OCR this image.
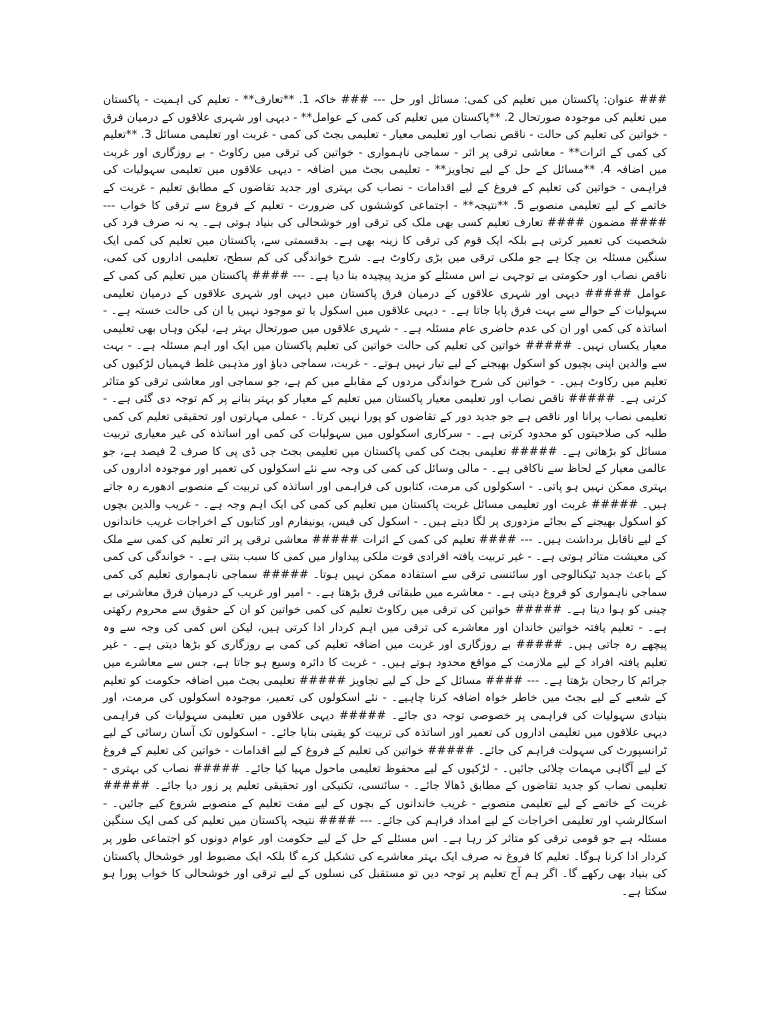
### عنوان: پاکستان میں تعلیم کی کمی: مسائل اور حل --- ### خاکہ 1. **تعارف** - تعلیم کی اہمیت - پاکستان میں تعلیم کی موجودہ صورتحال 2. **پاکستان میں تعلیم کی کمی کے عوامل** - دیہی اور شہری علاقوں کے درمیان فرق - خواتین کی تعلیم کی حالت - ناقص نصاب اور تعلیمی معیار - تعلیمی بجٹ کی کمی - غربت اور تعلیمی مسائل 3. **تعلیم کی کمی کے اثرات** - معاشی ترقی پر اثر - سماجی ناہمواری - خواتین کی ترقی میں رکاوٹ - بے روزگاری اور غربت میں اضافہ 4. **مسائل کے حل کے لیے تجاویز** - تعلیمی بجٹ میں اضافہ - دیہی علاقوں میں تعلیمی سہولیات کی فراہمی - خواتین کی تعلیم کے فروغ کے لیے اقدامات - نصاب کی بہتری اور جدید تقاضوں کے مطابق تعلیم - غربت کے خاتمے کے لیے تعلیمی منصوبے 5. **نتیجہ** - اجتماعی کوششوں کی ضرورت - تعلیم کے فروغ سے ترقی کا خواب --- #### مضمون #### تعارف تعلیم کسی بھی ملک کی ترقی اور خوشحالی کی بنیاد ہوتی ہے۔ یہ نہ صرف فرد کی شخصیت کی تعمیر کرتی ہے بلکہ ایک قوم کی ترقی کا زینہ بھی ہے۔ بدقسمتی سے، پاکستان میں تعلیم کی کمی ایک سنگین مسئلہ بن چکا ہے جو ملکی ترقی میں بڑی رکاوٹ ہے۔ شرح خواندگی کی کم سطح، تعلیمی اداروں کی کمی، ناقص نصاب اور حکومتی بے توجہی نے اس مسئلے کو مزید پیچیدہ بنا دیا ہے۔ --- #### پاکستان میں تعلیم کی کمی کے عوامل ##### دیہی اور شہری علاقوں کے درمیان فرق پاکستان میں دیہی اور شہری علاقوں کے درمیان تعلیمی سہولیات کے حوالے سے بہت فرق پایا جاتا ہے۔ - دیہی علاقوں میں اسکول یا تو موجود نہیں یا ان کی حالت خستہ ہے۔ - اساتذہ کی کمی اور ان کی عدم حاضری عام مسئلہ ہے۔ - شہری علاقوں میں صورتحال بہتر ہے، لیکن وہاں بھی تعلیمی معیار یکساں نہیں۔ ##### خواتین کی تعلیم کی حالت خواتین کی تعلیم پاکستان میں ایک اور اہم مسئلہ ہے۔ - بہت سے والدین اپنی بچیوں کو اسکول بھیجنے کے لیے تیار نہیں ہوتے۔ - غربت، سماجی دباؤ اور مذہبی غلط فہمیاں لڑکیوں کی تعلیم میں رکاوٹ ہیں۔ - خواتین کی شرح خواندگی مردوں کے مقابلے میں کم ہے، جو سماجی اور معاشی ترقی کو متاثر کرتی ہے۔ ##### ناقص نصاب اور تعلیمی معیار پاکستان میں تعلیم کے معیار کو بہتر بنانے پر کم توجہ دی گئی ہے۔ - تعلیمی نصاب پرانا اور ناقص ہے جو جدید دور کے تقاضوں کو پورا نہیں کرتا۔ - عملی مہارتوں اور تحقیقی تعلیم کی کمی طلبہ کی صلاحیتوں کو محدود کرتی ہے۔ - سرکاری اسکولوں میں سہولیات کی کمی اور اساتذہ کی غیر معیاری تربیت مسائل کو بڑھاتی ہے۔ ##### تعلیمی بجٹ کی کمی پاکستان میں تعلیمی بجٹ جی ڈی پی کا صرف 2 فیصد ہے، جو عالمی معیار کے لحاظ سے ناکافی ہے۔ - مالی وسائل کی کمی کی وجہ سے نئے اسکولوں کی تعمیر اور موجودہ اداروں کی بہتری ممکن نہیں ہو پاتی۔ - اسکولوں کی مرمت، کتابوں کی فراہمی اور اساتذہ کی تربیت کے منصوبے ادھورے رہ جاتے ہیں۔ ##### غربت اور تعلیمی مسائل غربت پاکستان میں تعلیم کی کمی کی ایک اہم وجہ ہے۔ - غریب والدین بچوں کو اسکول بھیجنے کے بجائے مزدوری پر لگا دیتے ہیں۔ - اسکول کی فیس، یونیفارم اور کتابوں کے اخراجات غریب خاندانوں کے لیے ناقابل برداشت ہیں۔ --- #### تعلیم کی کمی کے اثرات ##### معاشی ترقی پر اثر تعلیم کی کمی سے ملک کی معیشت متاثر ہوتی ہے۔ - غیر تربیت یافتہ افرادی قوت ملکی پیداوار میں کمی کا سبب بنتی ہے۔ - خواندگی کی کمی کے باعث جدید ٹیکنالوجی اور سائنسی ترقی سے استفادہ ممکن نہیں ہوتا۔ ##### سماجی ناہمواری تعلیم کی کمی سماجی ناہمواری کو فروغ دیتی ہے۔ - معاشرے میں طبقاتی فرق بڑھتا ہے۔ - امیر اور غریب کے درمیان فرق معاشرتی بے چینی کو ہوا دیتا ہے۔ ##### خواتین کی ترقی میں رکاوٹ تعلیم کی کمی خواتین کو ان کے حقوق سے محروم رکھتی ہے۔ - تعلیم یافتہ خواتین خاندان اور معاشرے کی ترقی میں اہم کردار ادا کرتی ہیں، لیکن اس کمی کی وجہ سے وہ پیچھے رہ جاتی ہیں۔ ##### بے روزگاری اور غربت میں اضافہ تعلیم کی کمی بے روزگاری کو بڑھا دیتی ہے۔ - غیر تعلیم یافتہ افراد کے لیے ملازمت کے مواقع محدود ہوتے ہیں۔ - غربت کا دائرہ وسیع ہو جاتا ہے، جس سے معاشرے میں جرائم کا رجحان بڑھتا ہے۔ --- #### مسائل کے حل کے لیے تجاویز ##### تعلیمی بجٹ میں اضافہ حکومت کو تعلیم کے شعبے کے لیے بجٹ میں خاطر خواہ اضافہ کرنا چاہیے۔ - نئے اسکولوں کی تعمیر، موجودہ اسکولوں کی مرمت، اور بنیادی سہولیات کی فراہمی پر خصوصی توجہ دی جائے۔ ##### دیہی علاقوں میں تعلیمی سہولیات کی فراہمی دیہی علاقوں میں تعلیمی اداروں کی تعمیر اور اساتذہ کی تربیت کو یقینی بنایا جائے۔ - اسکولوں تک آسان رسائی کے لیے ٹرانسپورٹ کی سہولت فراہم کی جائے۔ ##### خواتین کی تعلیم کے فروغ کے لیے اقدامات - خواتین کی تعلیم کے فروغ کے لیے آگاہی مہمات چلائی جائیں۔ - لڑکیوں کے لیے محفوظ تعلیمی ماحول مہیا کیا جائے۔ ##### نصاب کی بہتری - تعلیمی نصاب کو جدید تقاضوں کے مطابق ڈھالا جائے۔ - سائنسی، تکنیکی اور تحقیقی تعلیم پر زور دیا جائے۔ ##### غربت کے خاتمے کے لیے تعلیمی منصوبے - غریب خاندانوں کے بچوں کے لیے مفت تعلیم کے منصوبے شروع کیے جائیں۔ - اسکالرشپ اور تعلیمی اخراجات کے لیے امداد فراہم کی جائے۔ --- #### نتیجہ پاکستان میں تعلیم کی کمی ایک سنگین مسئلہ ہے جو قومی ترقی کو متاثر کر رہا ہے۔ اس مسئلے کے حل کے لیے حکومت اور عوام دونوں کو اجتماعی طور پر کردار ادا کرنا ہوگا۔ تعلیم کا فروغ نہ صرف ایک بہتر معاشرے کی تشکیل کرے گا بلکہ ایک مضبوط اور خوشحال پاکستان کی بنیاد بھی رکھے گا۔ اگر ہم آج تعلیم پر توجہ دیں تو مستقبل کی نسلوں کے لیے ترقی اور خوشحالی کا خواب پورا ہو سکتا ہے۔
